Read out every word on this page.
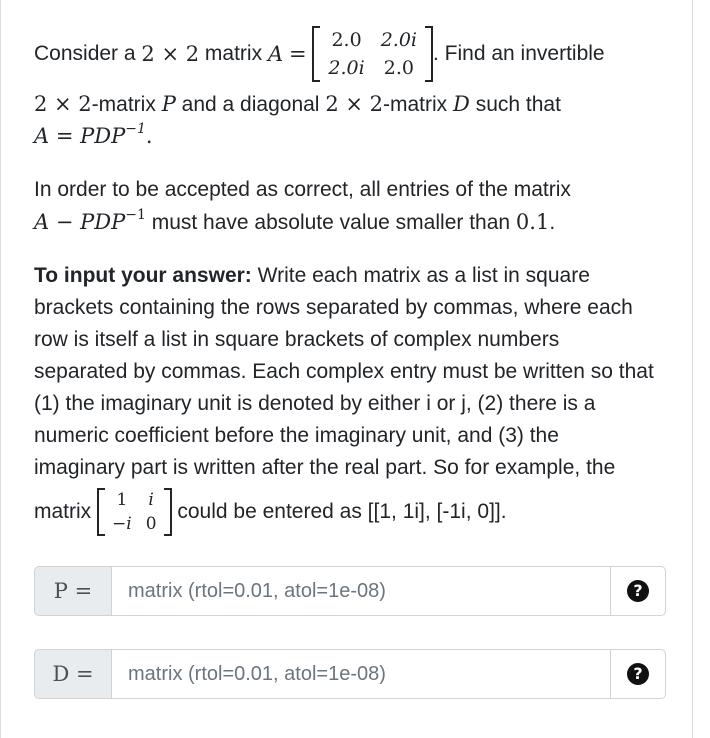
Consider a
2 × 2
matrix
A
=

2.0	2.0i
2.0i	2.0
. Find an invertible
2 × 2-matrix P and a diagonal 2 × 2-matrix D such that
$A = PDP^{-1}$.
In order to be accepted as correct, all entries of the matrix
$A - PDP^{-1}$ must have absolute value smaller than 0.1.
To input your answer: Write each matrix as a list in square
brackets containing the rows separated by commas, where each
row is itself a list in square brackets of complex numbers
separated by commas. Each complex entry must be written so that
(1) the imaginary unit is denoted by either i or j, (2) there is a
numeric coefficient before the imaginary unit, and (3) the
imaginary part is written after the real part. So for example, the
matrix
1	i
−i	0

could be entered as [[1, 1i], [-1i, 0]].
P =
matrix (rtol=0.01, atol=1e-08)	?
D =
matrix (rtol=0.01, atol=1e-08)	?
